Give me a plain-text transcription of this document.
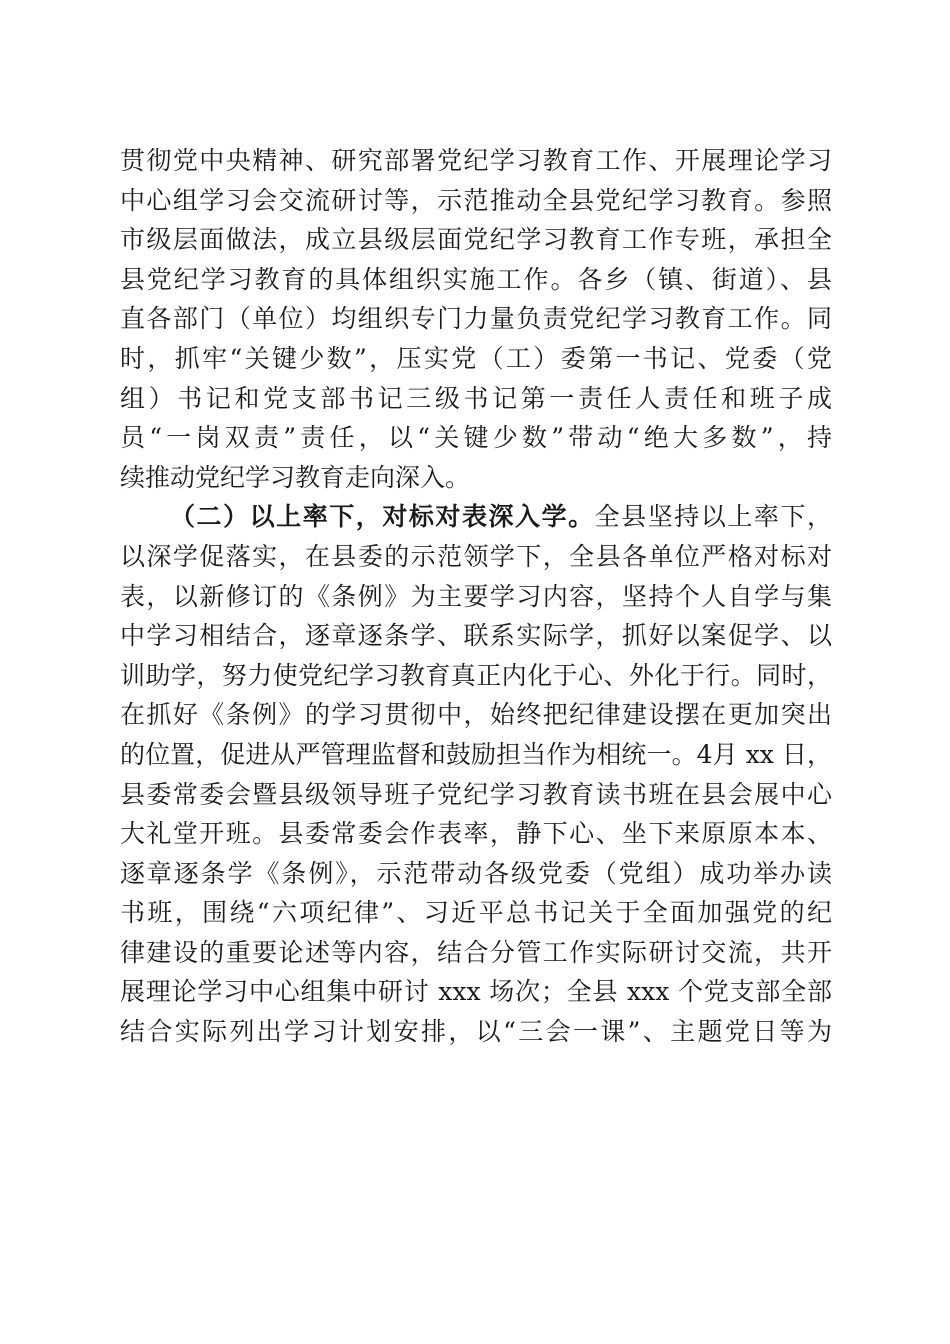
贯彻党中央精神、研究部署党纪学习教育工作、开展理论学习
中心组学习会交流研讨等，示范推动全县党纪学习教育。参照
市级层面做法，成立县级层面党纪学习教育工作专班，承担全
县党纪学习教育的具体组织实施工作。各乡（镇、街道）、县
直各部门（单位）均组织专门力量负责党纪学习教育工作。同
时，抓牢“关键少数”，压实党（工）委第一书记、党委（党
组）书记和党支部书记三级书记第一责任人责任和班子成
员“一岗双责”责任，以“关键少数”带动“绝大多数”，持
续推动党纪学习教育走向深入。
（二）以上率下，对标对表深入学。全县坚持以上率下，
以深学促落实，在县委的示范领学下，全县各单位严格对标对
表，以新修订的《条例》为主要学习内容，坚持个人自学与集
中学习相结合，逐章逐条学、联系实际学，抓好以案促学、以
训助学，努力使党纪学习教育真正内化于心、外化于行。同时，
在抓好《条例》的学习贯彻中，始终把纪律建设摆在更加突出
的位置，促进从严管理监督和鼓励担当作为相统一。4月 xx 日，
县委常委会暨县级领导班子党纪学习教育读书班在县会展中心
大礼堂开班。县委常委会作表率，静下心、坐下来原原本本、
逐章逐条学《条例》，示范带动各级党委（党组）成功举办读
书班，围绕“六项纪律”、习近平总书记关于全面加强党的纪
律建设的重要论述等内容，结合分管工作实际研讨交流，共开
展理论学习中心组集中研讨 xxx 场次；全县 xxx 个党支部全部
结合实际列出学习计划安排，以“三会一课”、主题党日等为
